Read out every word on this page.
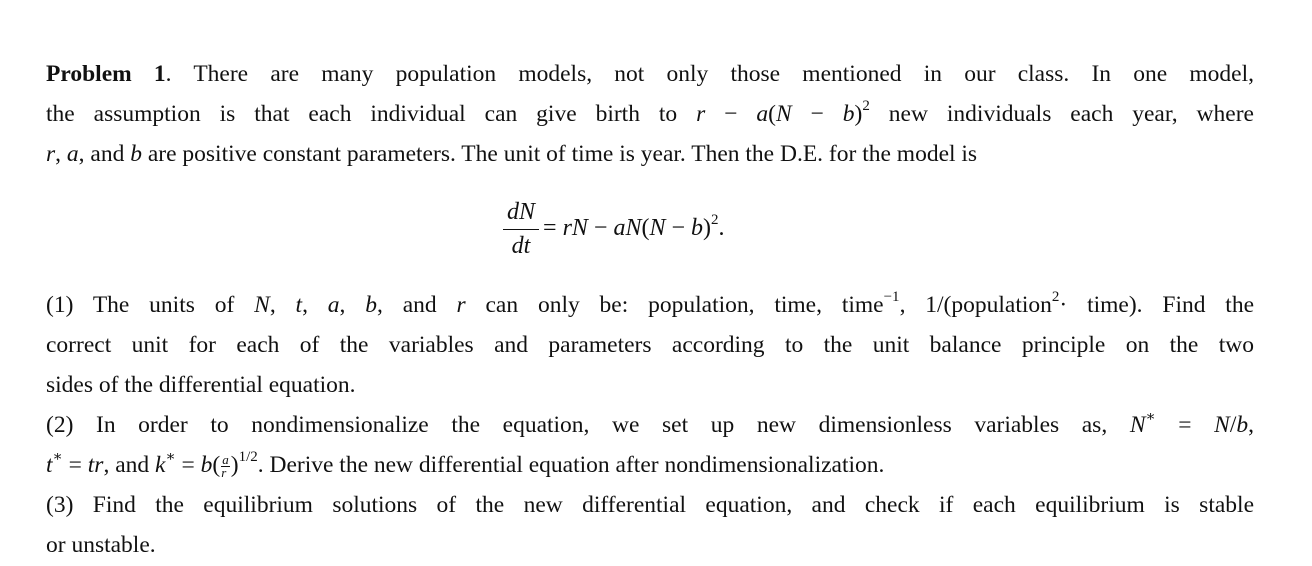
Problem 1. There are many population models, not only those mentioned in our class. In one model,
the assumption is that each individual can give birth to $r - a(N - b)^2$ new individuals each year, where
r, a, and b are positive constant parameters. The unit of time is year. Then the D.E. for the model is
$\frac{dN}{dt}$ = rN − $aN(N - b)^2$.
(1) The units of N, t, a, b, and r can only be: population, time, time$^{-1}$, 1/(population$^2$· time). Find the
correct unit for each of the variables and parameters according to the unit balance principle on the two
sides of the differential equation.
(2) In order to nondimensionalize the equation, we set up new dimensionless variables as, N∗ = N/b,
t∗ = tr, and $k^∗ = b( \frac{a}{r} )^{1/2}$. Derive the new differential equation after nondimensionalization.
(3) Find the equilibrium solutions of the new differential equation, and check if each equilibrium is stable
or unstable.
